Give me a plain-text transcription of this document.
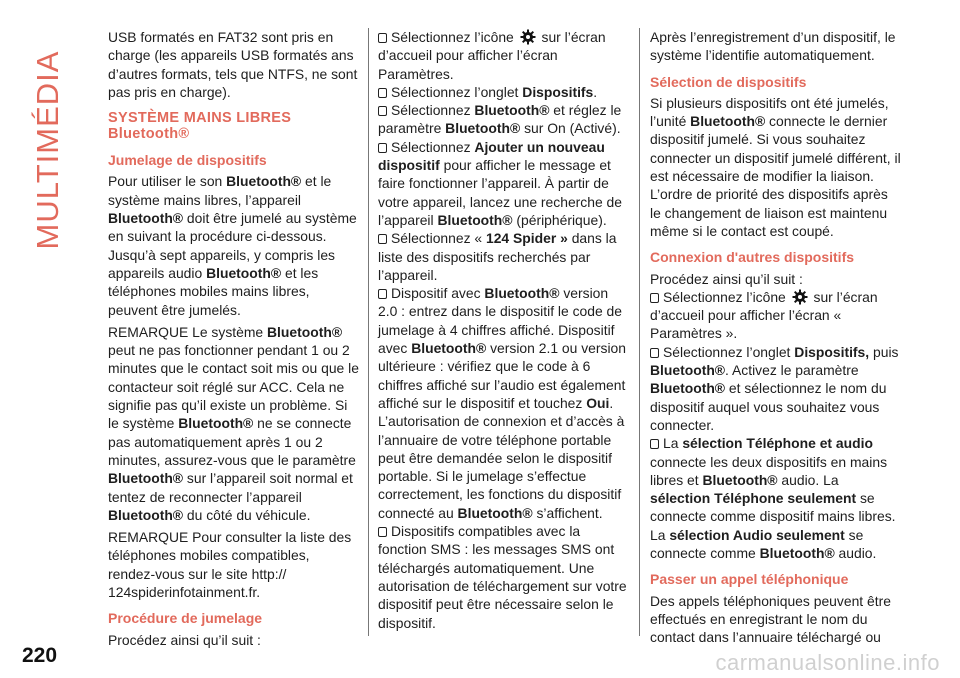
MULTIMÉDIA

USB formatés en FAT32 sont pris en charge (les appareils USB formatés ans d’autres formats, tels que NTFS, ne sont pas pris en charge).

SYSTÈME MAINS LIBRES
Bluetooth®
Jumelage de dispositifs

Pour utiliser le son Bluetooth® et le système mains libres, l’appareil Bluetooth® doit être jumelé au système en suivant la procédure ci-dessous. Jusqu’à sept appareils, y compris les appareils audio Bluetooth® et les téléphones mobiles mains libres, peuvent être jumelés.

REMARQUE Le système Bluetooth® peut ne pas fonctionner pendant 1 ou 2 minutes que le contact soit mis ou que le contacteur soit réglé sur ACC. Cela ne signifie pas qu’il existe un problème. Si le système Bluetooth® ne se connecte pas automatiquement après 1 ou 2 minutes, assurez-vous que le paramètre Bluetooth® sur l’appareil soit normal et tentez de reconnecter l’appareil Bluetooth® du côté du véhicule.

REMARQUE Pour consulter la liste des téléphones mobiles compatibles, rendez-vous sur le site http:// 124spiderinfotainment.fr.

Procédure de jumelage

Procédez ainsi qu’il suit :

Sélectionnez l’icône  sur l’écran d’accueil pour afficher l’écran Paramètres.

Sélectionnez l’onglet Dispositifs.

Sélectionnez Bluetooth® et réglez le paramètre Bluetooth® sur On (Activé).

Sélectionnez Ajouter un nouveau dispositif pour afficher le message et faire fonctionner l’appareil. À partir de votre appareil, lancez une recherche de l’appareil Bluetooth® (périphérique).

Sélectionnez « 124 Spider » dans la liste des dispositifs recherchés par l’appareil.

Dispositif avec Bluetooth® version 2.0 : entrez dans le dispositif le code de jumelage à 4 chiffres affiché. Dispositif avec Bluetooth® version 2.1 ou version ultérieure : vérifiez que le code à 6 chiffres affiché sur l’audio est également affiché sur le dispositif et touchez Oui. L’autorisation de connexion et d’accès à l’annuaire de votre téléphone portable peut être demandée selon le dispositif portable. Si le jumelage s’effectue correctement, les fonctions du dispositif connecté au Bluetooth® s’affichent.

Dispositifs compatibles avec la fonction SMS : les messages SMS ont téléchargés automatiquement. Une autorisation de téléchargement sur votre dispositif peut être nécessaire selon le dispositif.

Après l’enregistrement d’un dispositif, le système l’identifie automatiquement.

Sélection de dispositifs

Si plusieurs dispositifs ont été jumelés, l’unité Bluetooth® connecte le dernier dispositif jumelé. Si vous souhaitez connecter un dispositif jumelé différent, il est nécessaire de modifier la liaison. L’ordre de priorité des dispositifs après le changement de liaison est maintenu même si le contact est coupé.

Connexion d'autres dispositifs

Procédez ainsi qu’il suit :

Sélectionnez l’icône  sur l’écran d’accueil pour afficher l’écran « Paramètres ».

Sélectionnez l’onglet Dispositifs, puis Bluetooth®. Activez le paramètre Bluetooth® et sélectionnez le nom du dispositif auquel vous souhaitez vous connecter.

La sélection Téléphone et audio connecte les deux dispositifs en mains libres et Bluetooth® audio. La sélection Téléphone seulement se connecte comme dispositif mains libres. La sélection Audio seulement se connecte comme Bluetooth® audio.

Passer un appel téléphonique

Des appels téléphoniques peuvent être effectués en enregistrant le nom du contact dans l’annuaire téléchargé ou

220	carmanualsonline.info
